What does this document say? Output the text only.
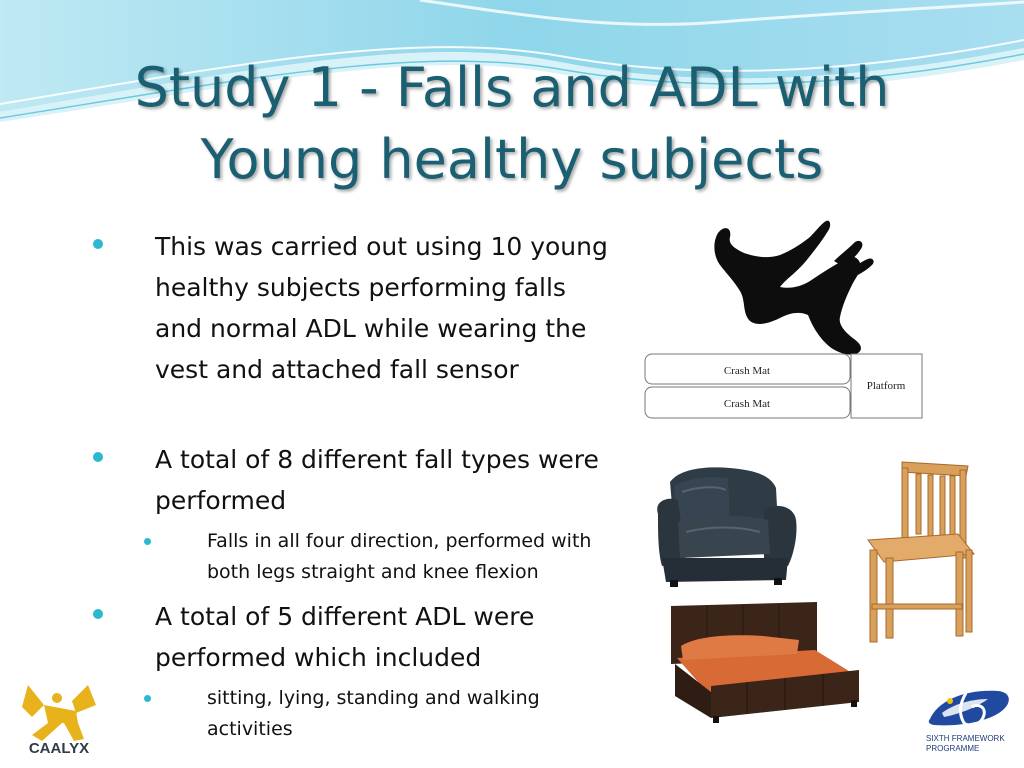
Study 1 - Falls and ADL with
Young healthy subjects
This was carried out using 10 young healthy subjects performing falls and normal ADL while wearing the vest and attached fall sensor
A total of 8 different fall types were performed
Falls in all four direction, performed with both legs straight and knee flexion
A total of 5 different ADL were performed which included
sitting, lying, standing and walking activities
Crash Mat
Crash Mat
Platform
CAALYX
SIXTH FRAMEWORK
PROGRAMME
